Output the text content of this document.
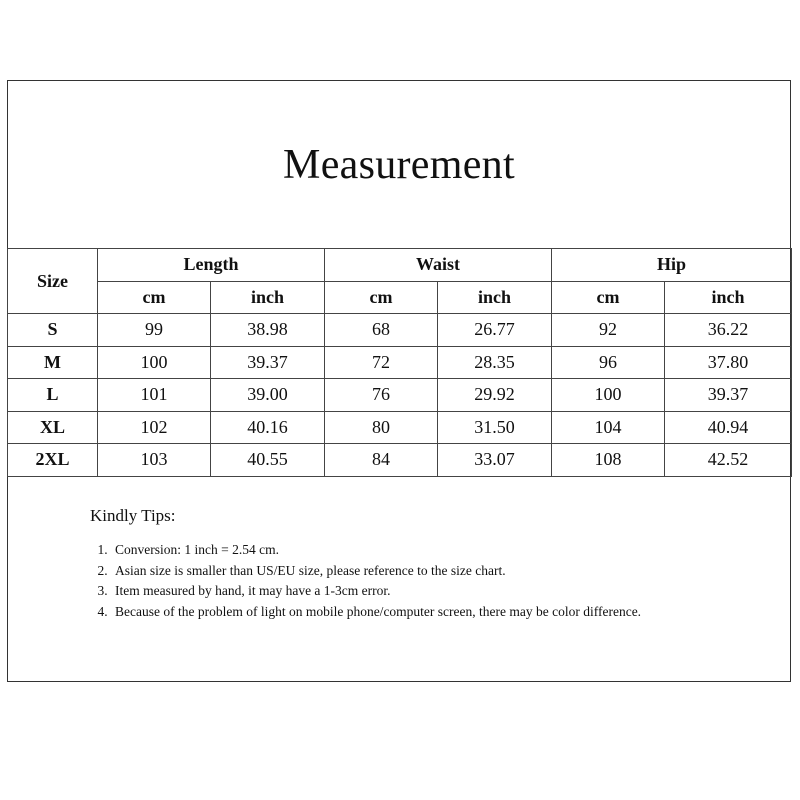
Measurement
Size	Length		Waist		Hip	
	cm	inch	cm	inch	cm	inch
S	99	38.98	68	26.77	92	36.22
M	100	39.37	72	28.35	96	37.80
L	101	39.00	76	29.92	100	39.37
XL	102	40.16	80	31.50	104	40.94
2XL	103	40.55	84	33.07	108	42.52
Kindly Tips:
1. Conversion: 1 inch = 2.54 cm.
2. Asian size is smaller than US/EU size, please reference to the size chart.
3. Item measured by hand, it may have a 1-3cm error.
4. Because of the problem of light on mobile phone/computer screen, there may be color difference.
